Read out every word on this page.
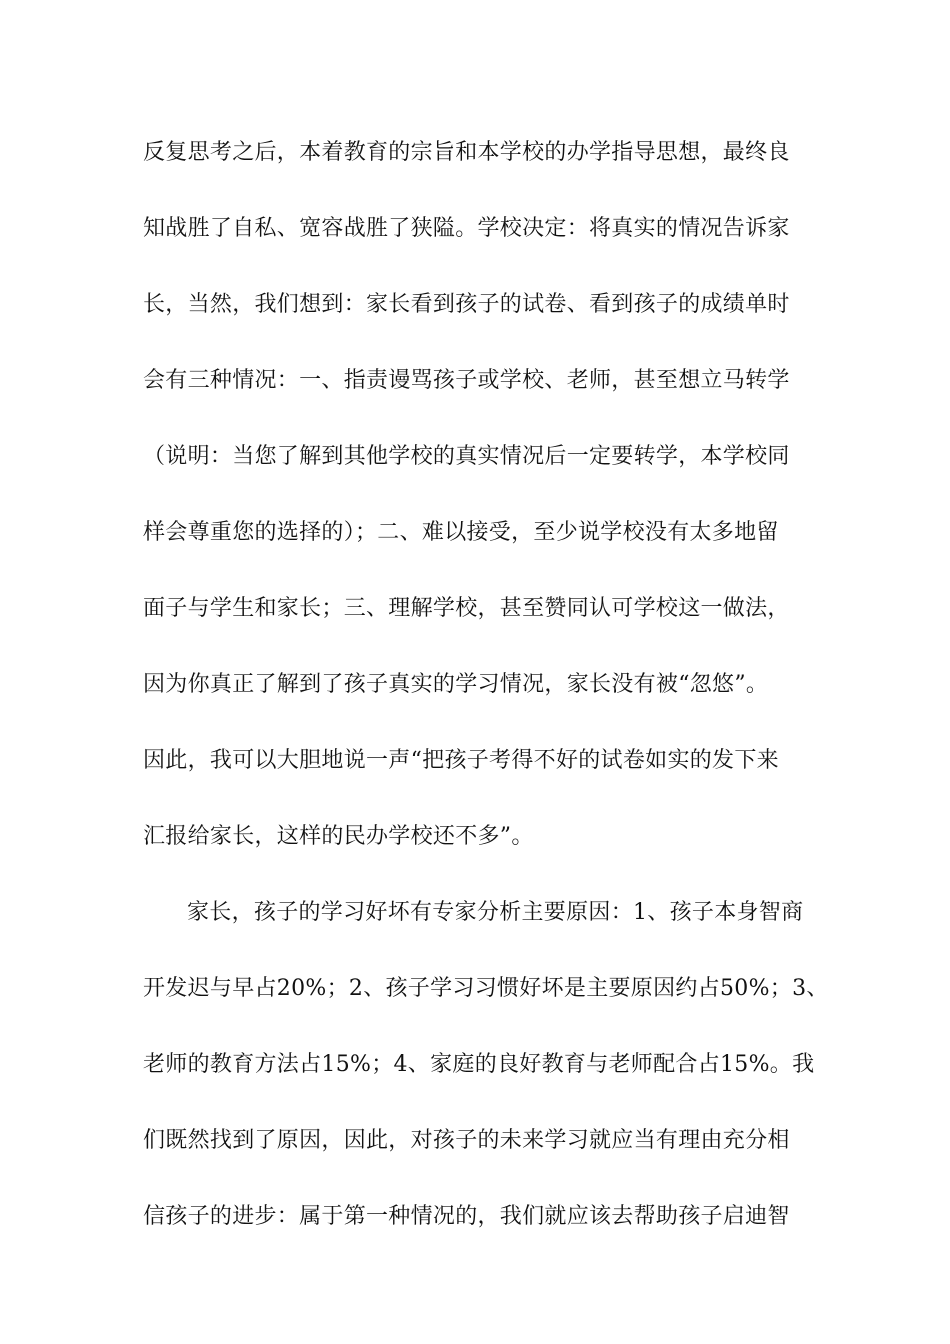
反复思考之后，本着教育的宗旨和本学校的办学指导思想，最终良
知战胜了自私、宽容战胜了狭隘。学校决定：将真实的情况告诉家
长，当然，我们想到：家长看到孩子的试卷、看到孩子的成绩单时
会有三种情况：一、指责谩骂孩子或学校、老师，甚至想立马转学
（说明：当您了解到其他学校的真实情况后一定要转学，本学校同
样会尊重您的选择的）；二、难以接受，至少说学校没有太多地留
面子与学生和家长；三、理解学校，甚至赞同认可学校这一做法，
因为你真正了解到了孩子真实的学习情况，家长没有被“忽悠”。
因此，我可以大胆地说一声“把孩子考得不好的试卷如实的发下来
汇报给家长，这样的民办学校还不多”。
家长，孩子的学习好坏有专家分析主要原因：1、孩子本身智商
开发迟与早占20%；2、孩子学习习惯好坏是主要原因约占50%；3、
老师的教育方法占15%；4、家庭的良好教育与老师配合占15%。我
们既然找到了原因，因此，对孩子的未来学习就应当有理由充分相
信孩子的进步：属于第一种情况的，我们就应该去帮助孩子启迪智
